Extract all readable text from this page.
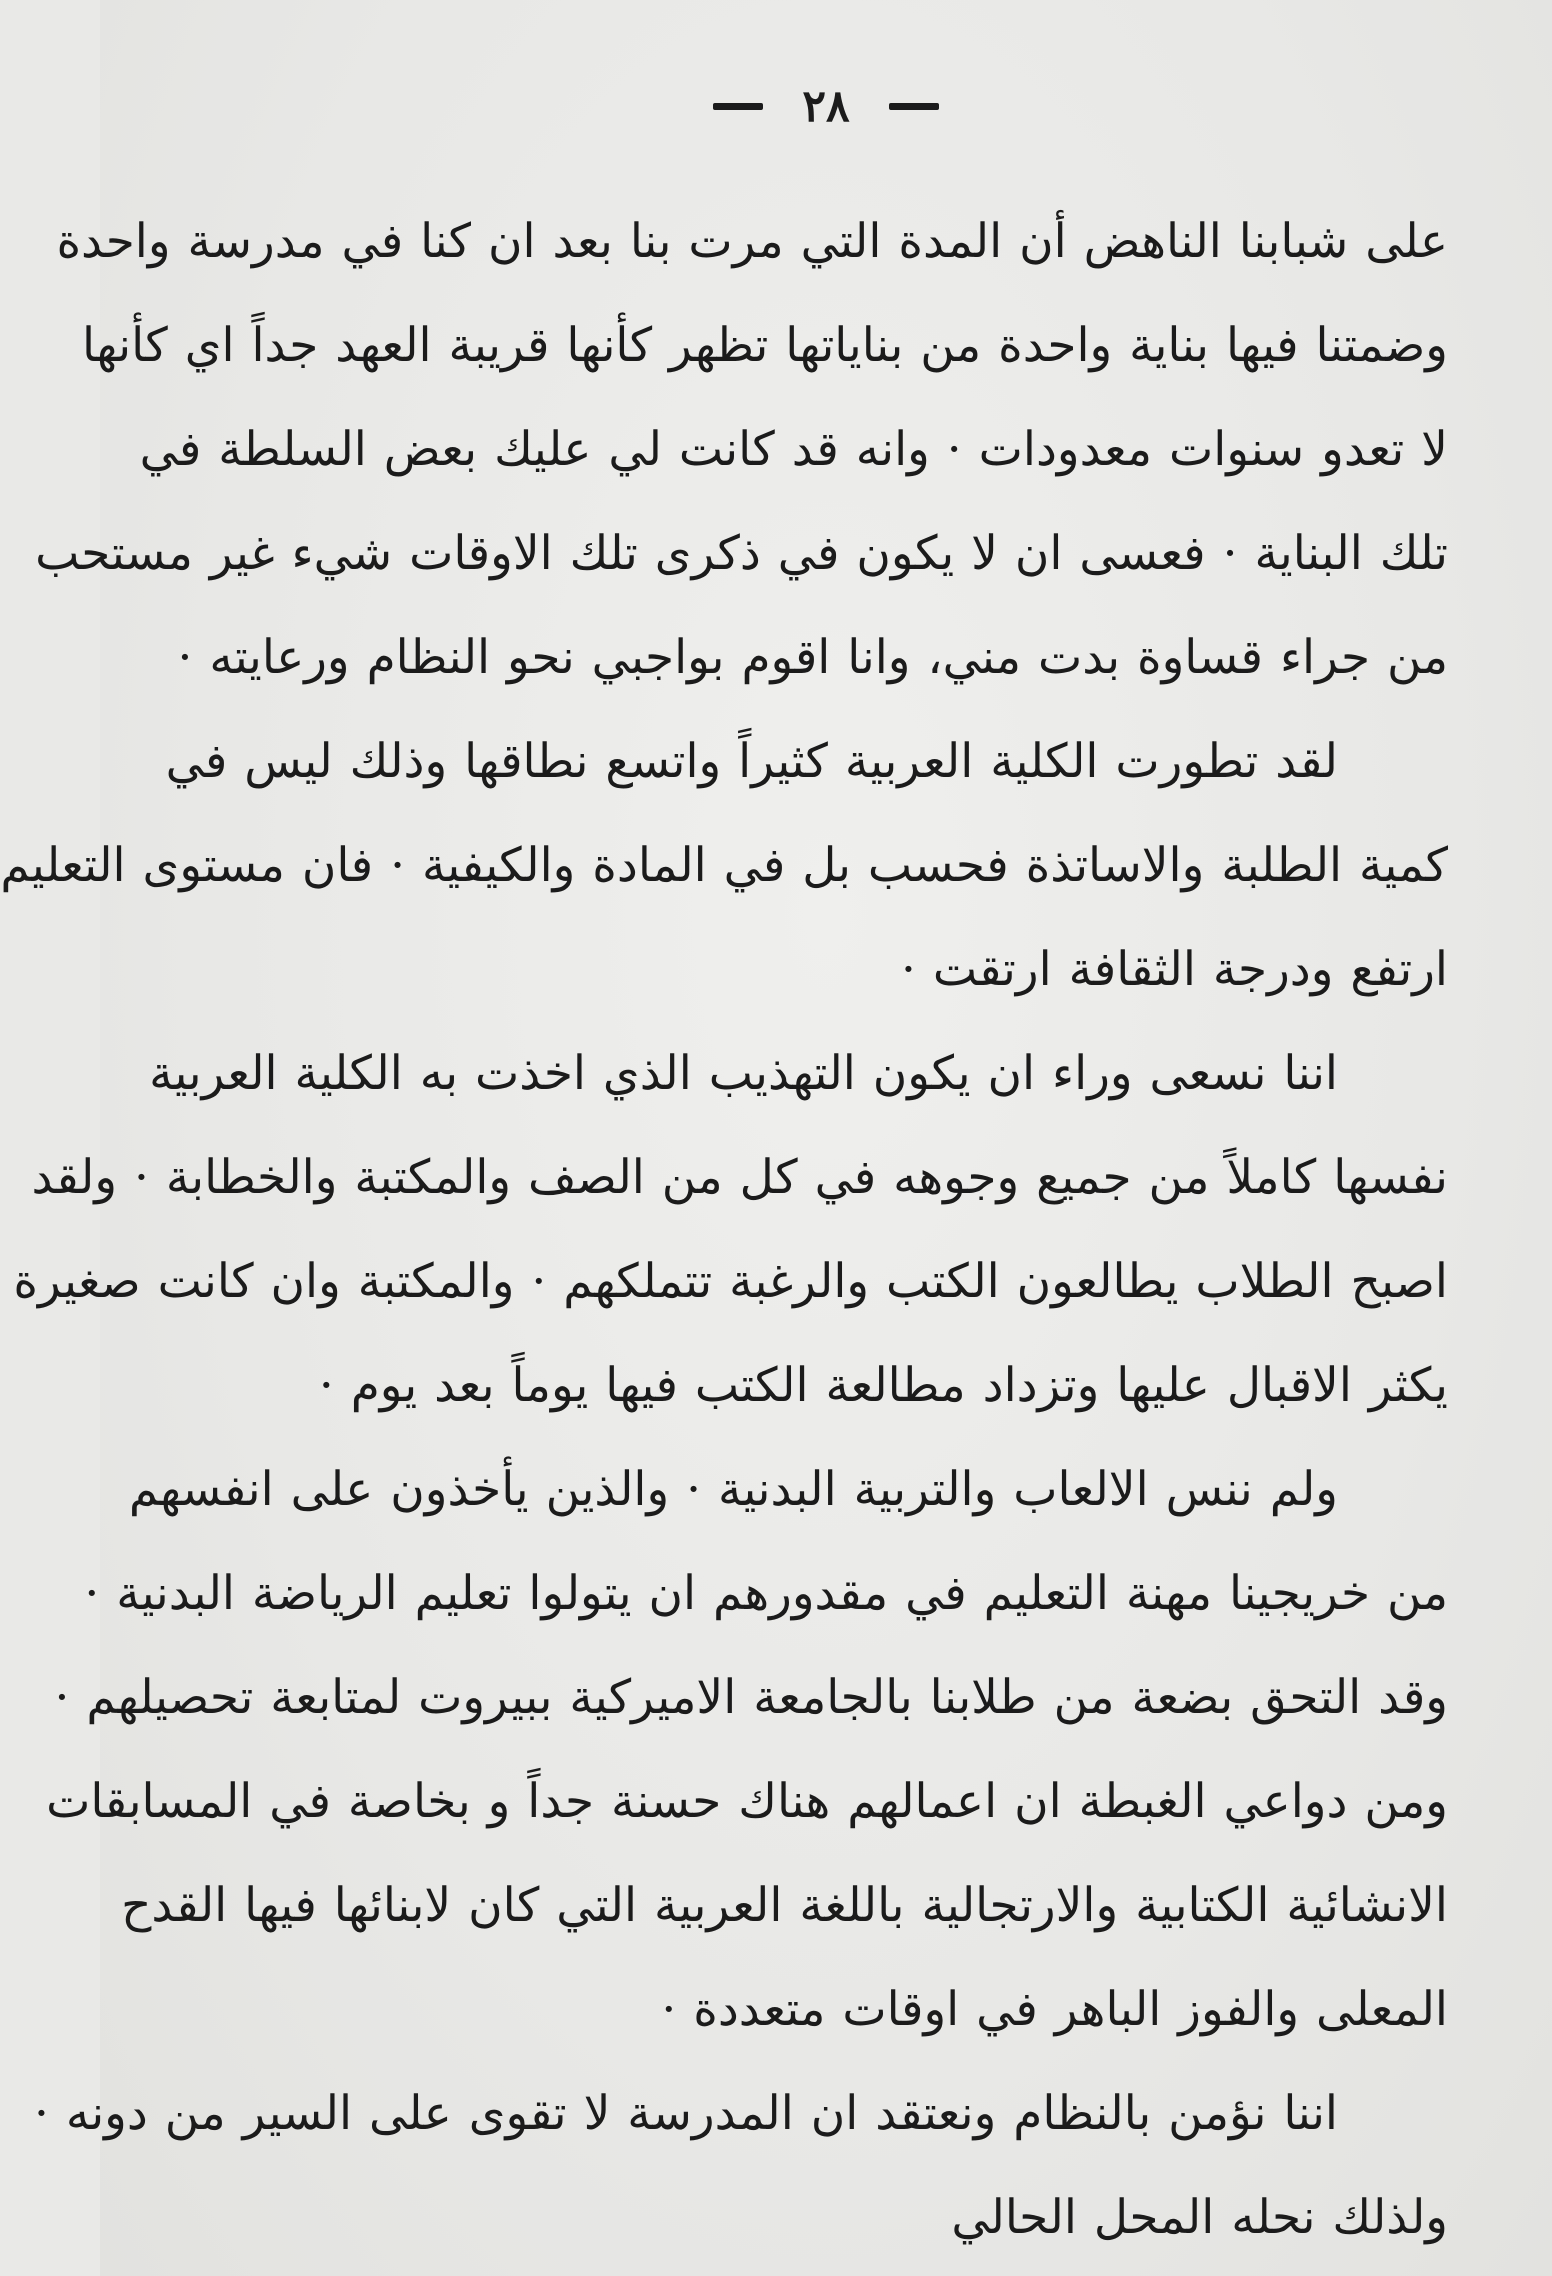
٢٨
على شبابنا الناهض أن المدة التي مرت بنا بعد ان كنا في مدرسة واحدة
وضمتنا فيها بناية واحدة من بناياتها تظهر كأنها قريبة العهد جداً اي كأنها
لا تعدو سنوات معدودات · وانه قد كانت لي عليك بعض السلطة في
تلك البناية · فعسى ان لا يكون في ذكرى تلك الاوقات شيء غير مستحب
من جراء قساوة بدت مني، وانا اقوم بواجبي نحو النظام ورعايته ·
لقد تطورت الكلية العربية كثيراً واتسع نطاقها وذلك ليس في
كمية الطلبة والاساتذة فحسب بل في المادة والكيفية · فان مستوى التعليم
ارتفع ودرجة الثقافة ارتقت ·
اننا نسعى وراء ان يكون التهذيب الذي اخذت به الكلية العربية
نفسها كاملاً من جميع وجوهه في كل من الصف والمكتبة والخطابة · ولقد
اصبح الطلاب يطالعون الكتب والرغبة تتملكهم · والمكتبة وان كانت صغيرة
يكثر الاقبال عليها وتزداد مطالعة الكتب فيها يوماً بعد يوم ·
ولم ننس الالعاب والتربية البدنية · والذين يأخذون على انفسهم
من خريجينا مهنة التعليم في مقدورهم ان يتولوا تعليم الرياضة البدنية ·
وقد التحق بضعة من طلابنا بالجامعة الاميركية ببيروت لمتابعة تحصيلهم ·
ومن دواعي الغبطة ان اعمالهم هناك حسنة جداً و بخاصة في المسابقات
الانشائية الكتابية والارتجالية باللغة العربية التي كان لابنائها فيها القدح
المعلى والفوز الباهر في اوقات متعددة ·
اننا نؤمن بالنظام ونعتقد ان المدرسة لا تقوى على السير من دونه ·
ولذلك نحله المحل الحالي
